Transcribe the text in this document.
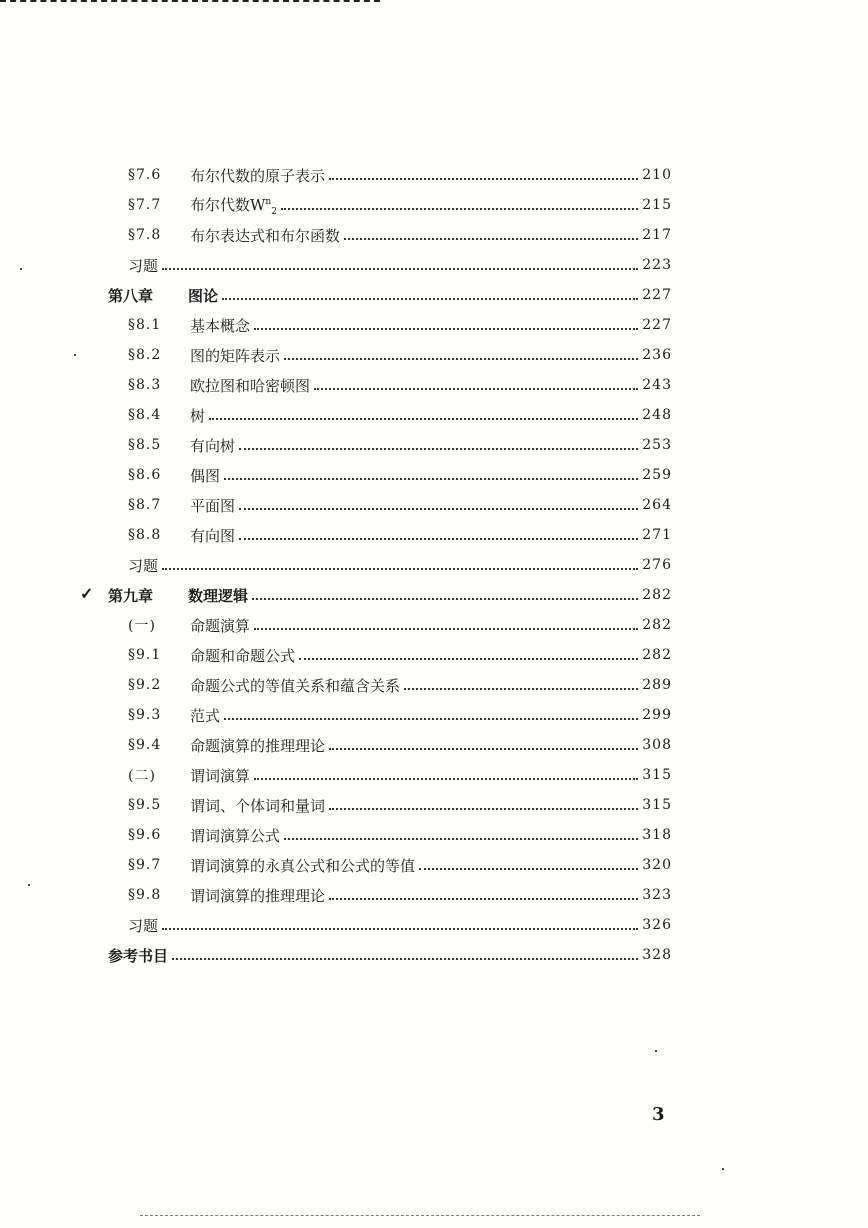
§7.6	布尔代数的原子表示	210
§7.7	布尔代数$W^n_2$	215
§7.8	布尔表达式和布尔函数	217
习题	223
第八章	图论	227
§8.1	基本概念	227
§8.2	图的矩阵表示	236
§8.3	欧拉图和哈密顿图	243
§8.4	树	248
§8.5	有向树	253
§8.6	偶图	259
§8.7	平面图	264
§8.8	有向图	271
习题	276
✓ 第九章	数理逻辑	282
(一)	命题演算	282
§9.1	命题和命题公式	282
§9.2	命题公式的等值关系和蕴含关系	289
§9.3	范式	299
§9.4	命题演算的推理理论	308
(二)	谓词演算	315
§9.5	谓词、个体词和量词	315
§9.6	谓词演算公式	318
§9.7	谓词演算的永真公式和公式的等值	320
§9.8	谓词演算的推理理论	323
习题	326
参考书目	328
3
